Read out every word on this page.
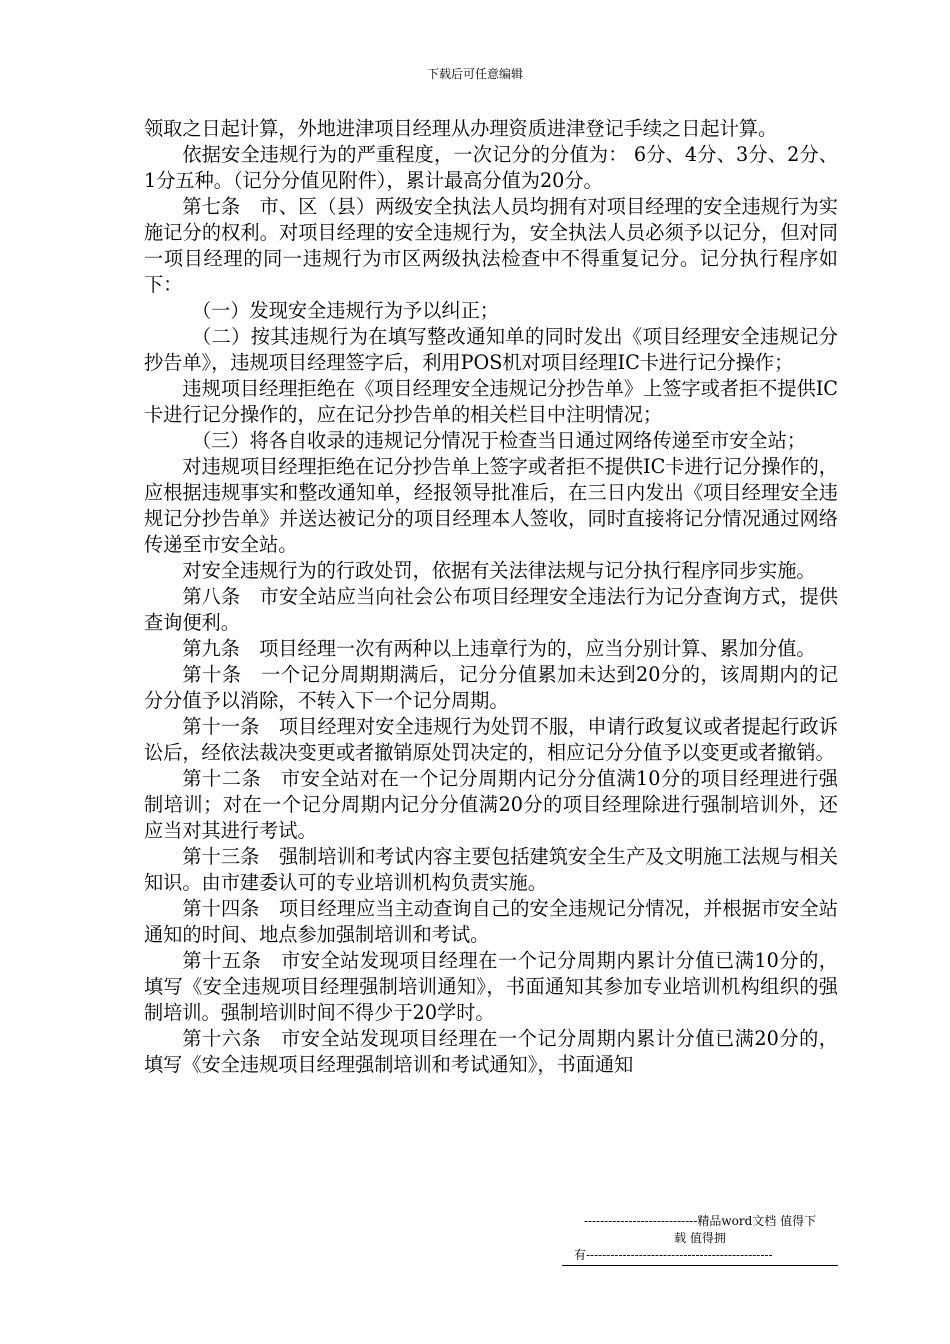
下载后可任意编辑

领取之日起计算，外地进津项目经理从办理资质进津登记手续之日起计算。

依据安全违规行为的严重程度，一次记分的分值为： 6分、4分、3分、2分、1分五种。（记分分值见附件），累计最高分值为20分。

第七条　市、区（县）两级安全执法人员均拥有对项目经理的安全违规行为实施记分的权利。对项目经理的安全违规行为，安全执法人员必须予以记分，但对同一项目经理的同一违规行为市区两级执法检查中不得重复记分。记分执行程序如下：

（一）发现安全违规行为予以纠正；

（二）按其违规行为在填写整改通知单的同时发出《项目经理安全违规记分抄告单》，违规项目经理签字后，利用POS机对项目经理IC卡进行记分操作；

违规项目经理拒绝在《项目经理安全违规记分抄告单》上签字或者拒不提供IC卡进行记分操作的，应在记分抄告单的相关栏目中注明情况；

（三）将各自收录的违规记分情况于检查当日通过网络传递至市安全站；

对违规项目经理拒绝在记分抄告单上签字或者拒不提供IC卡进行记分操作的，应根据违规事实和整改通知单，经报领导批准后，在三日内发出《项目经理安全违规记分抄告单》并送达被记分的项目经理本人签收，同时直接将记分情况通过网络传递至市安全站。

对安全违规行为的行政处罚，依据有关法律法规与记分执行程序同步实施。

第八条　市安全站应当向社会公布项目经理安全违法行为记分查询方式，提供查询便利。

第九条　项目经理一次有两种以上违章行为的，应当分别计算、累加分值。

第十条　一个记分周期期满后，记分分值累加未达到20分的，该周期内的记分分值予以消除，不转入下一个记分周期。

第十一条　项目经理对安全违规行为处罚不服，申请行政复议或者提起行政诉讼后，经依法裁决变更或者撤销原处罚决定的，相应记分分值予以变更或者撤销。

第十二条　市安全站对在一个记分周期内记分分值满10分的项目经理进行强制培训；对在一个记分周期内记分分值满20分的项目经理除进行强制培训外，还应当对其进行考试。

第十三条　强制培训和考试内容主要包括建筑安全生产及文明施工法规与相关知识。由市建委认可的专业培训机构负责实施。

第十四条　项目经理应当主动查询自己的安全违规记分情况，并根据市安全站通知的时间、地点参加强制培训和考试。

第十五条　市安全站发现项目经理在一个记分周期内累计分值已满10分的，填写《安全违规项目经理强制培训通知》，书面通知其参加专业培训机构组织的强制培训。强制培训时间不得少于20学时。

第十六条　市安全站发现项目经理在一个记分周期内累计分值已满20分的，填写《安全违规项目经理强制培训和考试通知》，书面通知

----------------------------精品word文档 值得下
载 值得拥
有----------------------------------------------
